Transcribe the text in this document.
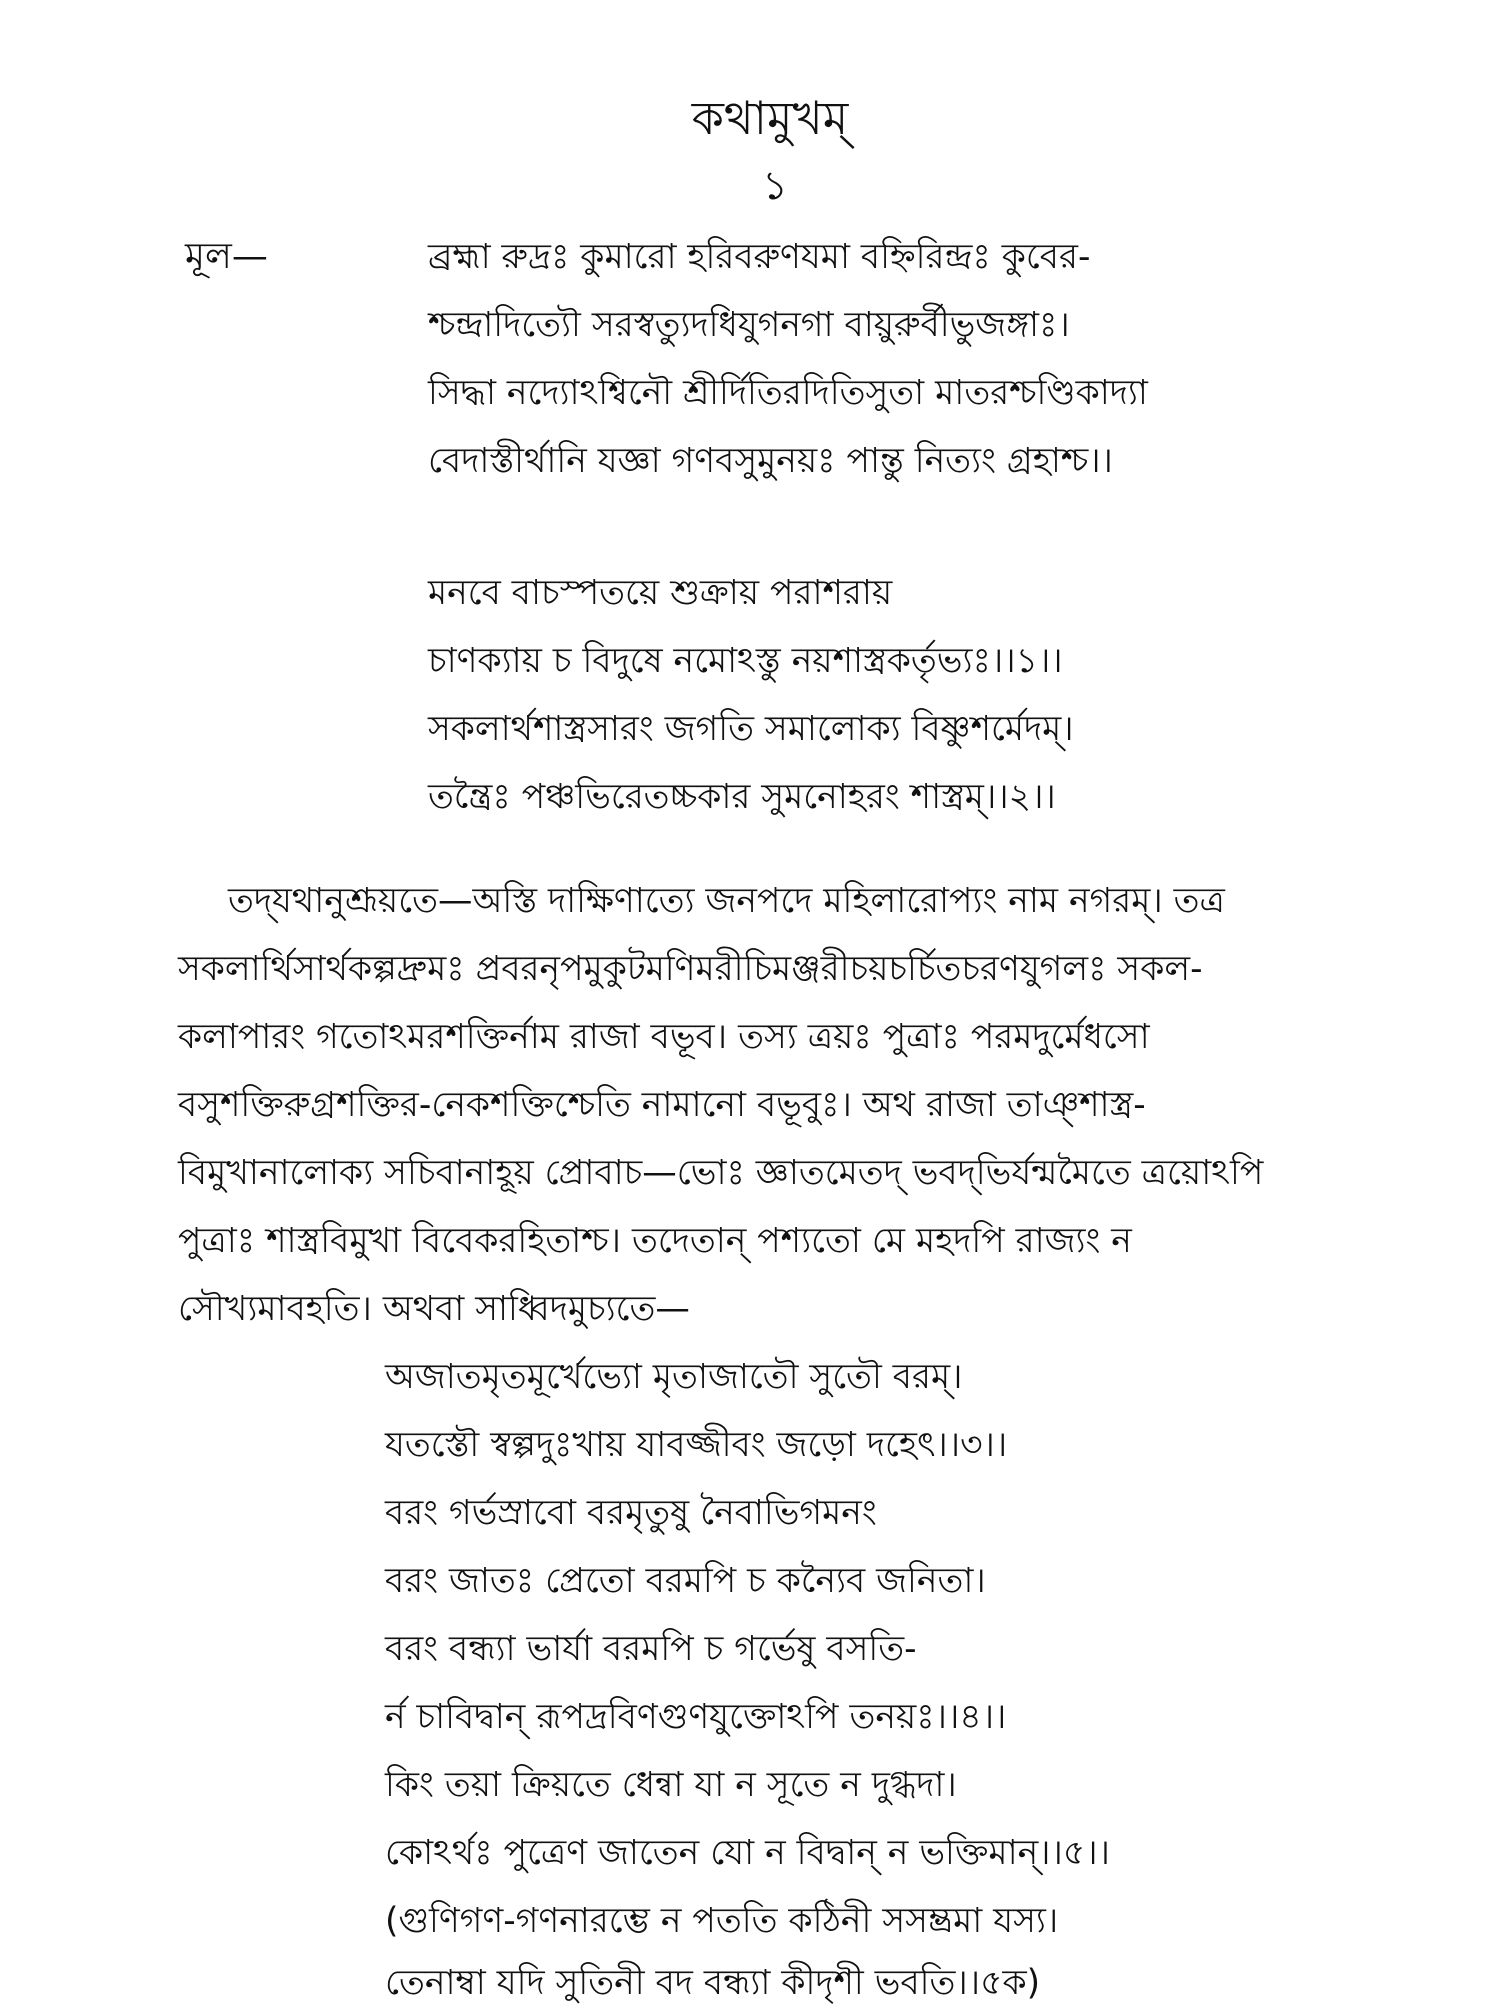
কথামুখম্‌
১
মূল—	ব্রহ্মা রুদ্রঃ কুমারো হরিবরুণযমা বহ্নিরিন্দ্রঃ কুবের-
শ্চন্দ্রাদিত্যৌ সরস্বত্যুদধিযুগনগা বায়ুরুর্বীভুজঙ্গাঃ।
সিদ্ধা নদ্যোঽশ্বিনৌ শ্রীর্দিতিরদিতিসুতা মাতরশ্চণ্ডিকাদ্যা
বেদাস্তীর্থানি যজ্ঞা গণবসুমুনয়ঃ পান্তু নিত্যং গ্রহাশ্চ।।
মনবে বাচস্পতয়ে শুক্রায় পরাশরায়
চাণক্যায় চ বিদুষে নমোঽস্তু নয়শাস্ত্রকর্তৃভ্যঃ।।১।।
সকলার্থশাস্ত্রসারং জগতি সমালোক্য বিষ্ণুশর্মেদম্‌।
তন্ত্রৈঃ পঞ্চভিরেতচ্চকার সুমনোহরং শাস্ত্রম্‌।।২।।
তদ্‌যথানুশ্রূয়তে—অস্তি দাক্ষিণাত্যে জনপদে মহিলারোপ্যং নাম নগরম্‌। তত্র
সকলার্থিসার্থকল্পদ্রুমঃ প্রবরনৃপমুকুটমণিমরীচিমঞ্জরীচয়চর্চিতচরণযুগলঃ সকল-
কলাপারং গতোঽমরশক্তির্নাম রাজা বভূব। তস্য ত্রয়ঃ পুত্রাঃ পরমদুর্মেধসো
বসুশক্তিরুগ্রশক্তির-নেকশক্তিশ্চেতি নামানো বভূবুঃ। অথ রাজা তাঞ্‌শাস্ত্র-
বিমুখানালোক্য সচিবানাহূয় প্রোবাচ—ভোঃ জ্ঞাতমেতদ্‌ ভবদ্‌ভির্যন্মমৈতে ত্রয়োঽপি
পুত্রাঃ শাস্ত্রবিমুখা বিবেকরহিতাশ্চ। তদেতান্‌ পশ্যতো মে মহদপি রাজ্যং ন
সৌখ্যমাবহতি। অথবা সাধ্বিদমুচ্যতে—
অজাতমৃতমূর্খেভ্যো মৃতাজাতৌ সুতৌ বরম্‌।
যতস্তৌ স্বল্পদুঃখায় যাবজ্জীবং জড়ো দহেৎ।।৩।।
বরং গর্ভস্রাবো বরমৃতুষু নৈবাভিগমনং
বরং জাতঃ প্রেতো বরমপি চ কন্যৈব জনিতা।
বরং বন্ধ্যা ভার্যা বরমপি চ গর্ভেষু বসতি-
র্ন চাবিদ্বান্‌ রূপদ্রবিণগুণযুক্তোঽপি তনয়ঃ।।৪।।
কিং তয়া ক্রিয়তে ধেন্বা যা ন সূতে ন দুগ্ধদা।
কোঽর্থঃ পুত্রেণ জাতেন যো ন বিদ্বান্‌ ন ভক্তিমান্‌।।৫।।
(গুণিগণ-গণনারম্ভে ন পততি কঠিনী সসম্ভ্রমা যস্য।
তেনাম্বা যদি সুতিনী বদ বন্ধ্যা কীদৃশী ভবতি।।৫ক)
